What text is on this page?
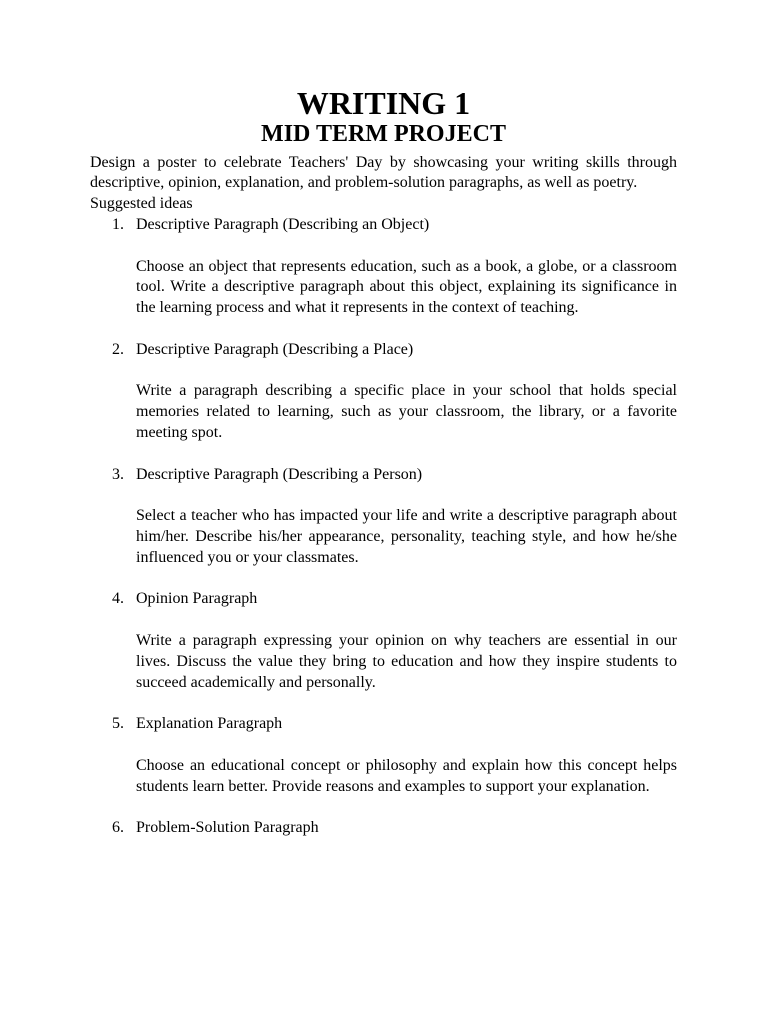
WRITING 1
MID TERM PROJECT

Design a poster to celebrate Teachers' Day by showcasing your writing skills through descriptive, opinion, explanation, and problem-solution paragraphs, as well as poetry.

Suggested ideas

1. Descriptive Paragraph (Describing an Object)

Choose an object that represents education, such as a book, a globe, or a classroom tool. Write a descriptive paragraph about this object, explaining its significance in the learning process and what it represents in the context of teaching.

2. Descriptive Paragraph (Describing a Place)

Write a paragraph describing a specific place in your school that holds special memories related to learning, such as your classroom, the library, or a favorite meeting spot.

3. Descriptive Paragraph (Describing a Person)

Select a teacher who has impacted your life and write a descriptive paragraph about him/her. Describe his/her appearance, personality, teaching style, and how he/she influenced you or your classmates.

4. Opinion Paragraph

Write a paragraph expressing your opinion on why teachers are essential in our lives. Discuss the value they bring to education and how they inspire students to succeed academically and personally.

5. Explanation Paragraph

Choose an educational concept or philosophy and explain how this concept helps students learn better. Provide reasons and examples to support your explanation.

6. Problem-Solution Paragraph
